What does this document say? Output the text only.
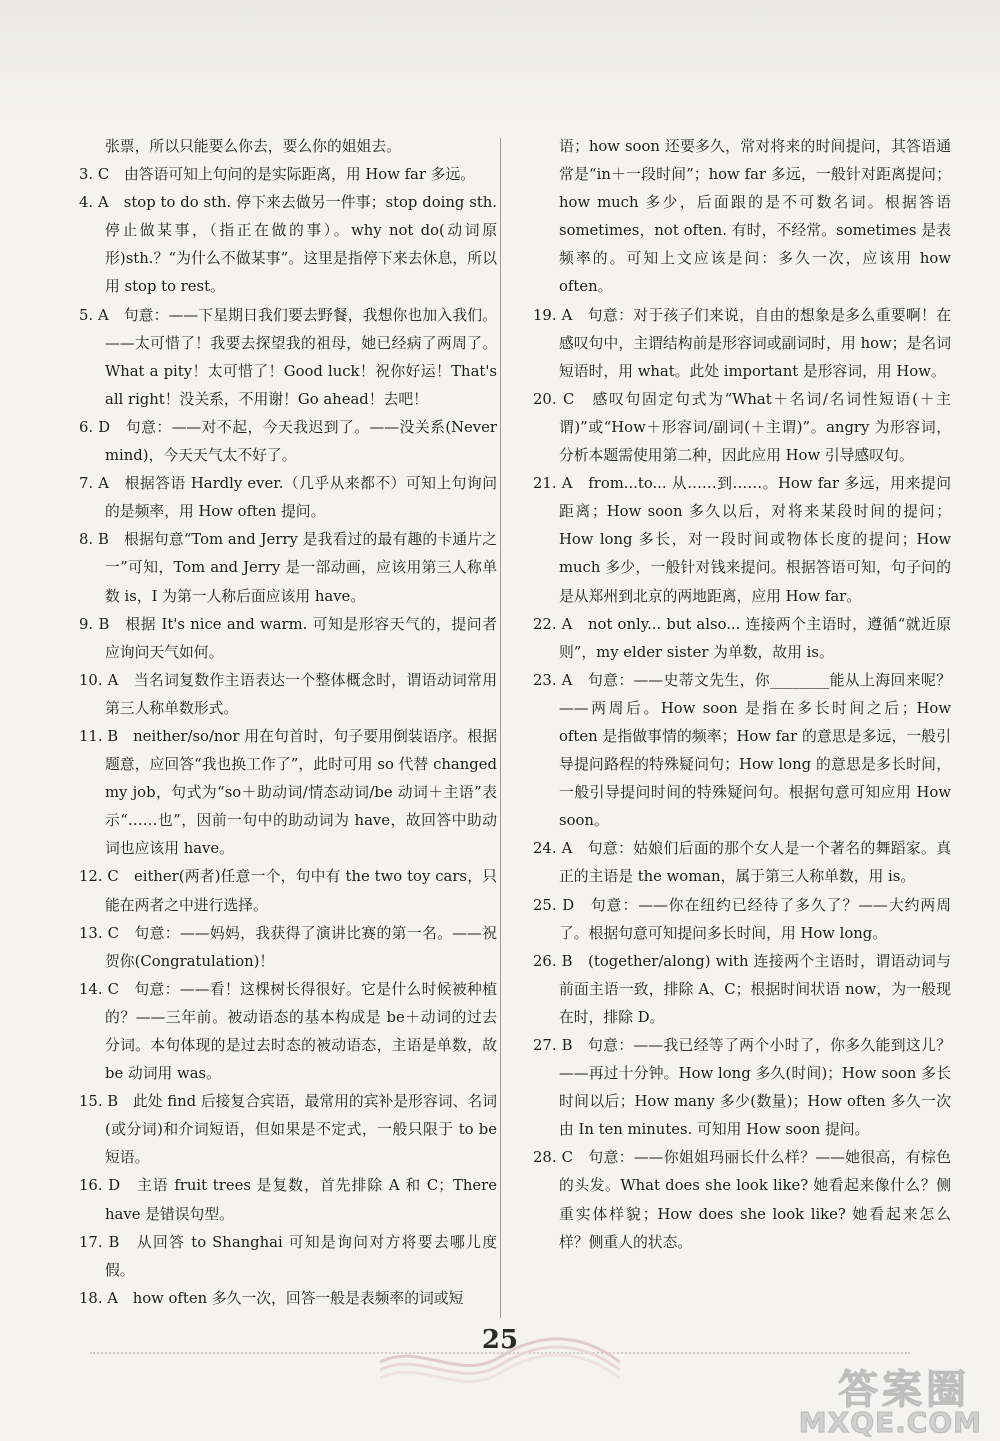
张票，所以只能要么你去，要么你的姐姐去。

3. C　由答语可知上句问的是实际距离，用 How far 多远。

4. A　stop to do sth. 停下来去做另一件事；stop doing sth. 停止做某事，（指正在做的事）。why not do(动词原形)sth.？“为什么不做某事”。这里是指停下来去休息，所以用 stop to rest。

5. A　句意：——下星期日我们要去野餐，我想你也加入我们。——太可惜了！我要去探望我的祖母，她已经病了两周了。What a pity！太可惜了！Good luck！祝你好运！That's all right！没关系，不用谢！Go ahead！去吧！

6. D　句意：——对不起，今天我迟到了。——没关系(Never mind)，今天天气太不好了。

7. A　根据答语 Hardly ever.（几乎从来都不）可知上句询问的是频率，用 How often 提问。

8. B　根据句意“Tom and Jerry 是我看过的最有趣的卡通片之一”可知，Tom and Jerry 是一部动画，应该用第三人称单数 is，I 为第一人称后面应该用 have。

9. B　根据 It's nice and warm. 可知是形容天气的，提问者应询问天气如何。

10. A　当名词复数作主语表达一个整体概念时，谓语动词常用第三人称单数形式。

11. B　neither/so/nor 用在句首时，句子要用倒装语序。根据题意，应回答“我也换工作了”，此时可用 so 代替 changed my job，句式为“so＋助动词/情态动词/be 动词＋主语”表示“……也”，因前一句中的助动词为 have，故回答中助动词也应该用 have。

12. C　either(两者)任意一个，句中有 the two toy cars，只能在两者之中进行选择。

13. C　句意：——妈妈，我获得了演讲比赛的第一名。——祝贺你(Congratulation)！

14. C　句意：——看！这棵树长得很好。它是什么时候被种植的？——三年前。被动语态的基本构成是 be＋动词的过去分词。本句体现的是过去时态的被动语态，主语是单数，故 be 动词用 was。

15. B　此处 find 后接复合宾语，最常用的宾补是形容词、名词(或分词)和介词短语，但如果是不定式，一般只限于 to be 短语。

16. D　主语 fruit trees 是复数，首先排除 A 和 C；There have 是错误句型。

17. B　从回答 to Shanghai 可知是询问对方将要去哪儿度假。

18. A　how often 多久一次，回答一般是表频率的词或短

语；how soon 还要多久，常对将来的时间提问，其答语通常是“in＋一段时间”；how far 多远，一般针对距离提问；how much 多少，后面跟的是不可数名词。根据答语 sometimes，not often. 有时，不经常。sometimes 是表频率的。可知上文应该是问：多久一次，应该用 how often。

19. A　句意：对于孩子们来说，自由的想象是多么重要啊！在感叹句中，主谓结构前是形容词或副词时，用 how；是名词短语时，用 what。此处 important 是形容词，用 How。

20. C　感叹句固定句式为“What＋名词/名词性短语(＋主谓)”或“How＋形容词/副词(＋主谓)”。angry 为形容词，分析本题需使用第二种，因此应用 How 引导感叹句。

21. A　from...to... 从……到……。How far 多远，用来提问距离；How soon 多久以后，对将来某段时间的提问；How long 多长，对一段时间或物体长度的提问；How much 多少，一般针对钱来提问。根据答语可知，句子问的是从郑州到北京的两地距离，应用 How far。

22. A　not only... but also... 连接两个主语时，遵循“就近原则”，my elder sister 为单数，故用 is。

23. A　句意：——史蒂文先生，你________能从上海回来呢？——两周后。How soon 是指在多长时间之后；How often 是指做事情的频率；How far 的意思是多远，一般引导提问路程的特殊疑问句；How long 的意思是多长时间，一般引导提问时间的特殊疑问句。根据句意可知应用 How soon。

24. A　句意：姑娘们后面的那个女人是一个著名的舞蹈家。真正的主语是 the woman，属于第三人称单数，用 is。

25. D　句意：——你在纽约已经待了多久了？——大约两周了。根据句意可知提问多长时间，用 How long。

26. B　(together/along) with 连接两个主语时，谓语动词与前面主语一致，排除 A、C；根据时间状语 now，为一般现在时，排除 D。

27. B　句意：——我已经等了两个小时了，你多久能到这儿？——再过十分钟。How long 多久(时间)；How soon 多长时间以后；How many 多少(数量)；How often 多久一次由 In ten minutes. 可知用 How soon 提问。

28. C　句意：——你姐姐玛丽长什么样？——她很高，有棕色的头发。What does she look like? 她看起来像什么？侧重实体样貌；How does she look like? 她看起来怎么样？侧重人的状态。

25
答案圈
MXQE.COM
